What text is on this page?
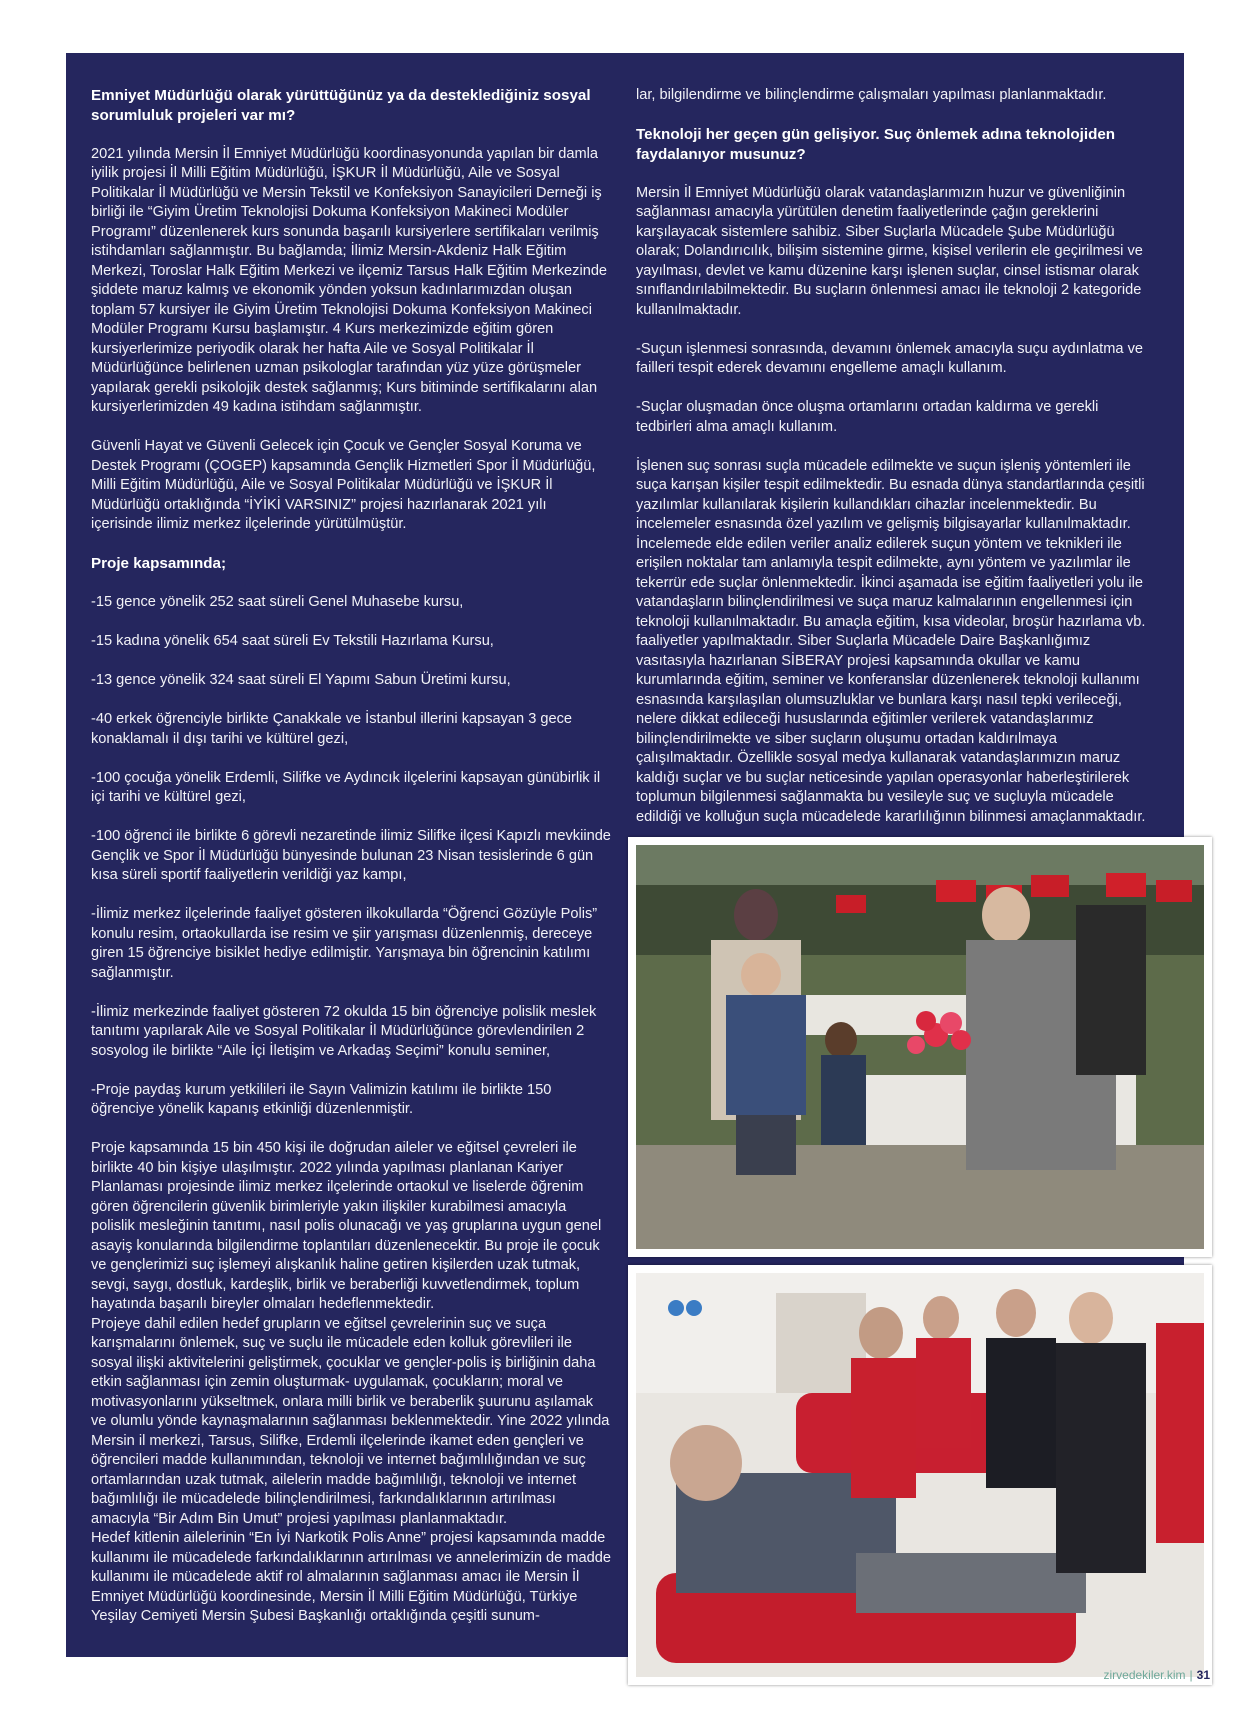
Emniyet Müdürlüğü olarak yürüttüğünüz ya da desteklediğiniz sosyal sorumluluk projeleri var mı?

2021 yılında Mersin İl Emniyet Müdürlüğü koordinasyonunda yapılan bir damla iyilik projesi İl Milli Eğitim Müdürlüğü, İŞKUR İl Müdürlüğü, Aile ve Sosyal Politikalar İl Müdürlüğü ve Mersin Tekstil ve Konfeksiyon Sanayicileri Derneği iş birliği ile “Giyim Üretim Teknolojisi Dokuma Konfeksiyon Makineci Modüler Programı” düzenlenerek kurs sonunda başarılı kursiyerlere sertifikaları verilmiş istihdamları sağlanmıştır. Bu bağlamda; İlimiz Mersin-Akdeniz Halk Eğitim Merkezi, Toroslar Halk Eğitim Merkezi ve ilçemiz Tarsus Halk Eğitim Merkezinde şiddete maruz kalmış ve ekonomik yönden yoksun kadınlarımızdan oluşan toplam 57 kursiyer ile Giyim Üretim Teknolojisi Dokuma Konfeksiyon Makineci Modüler Programı Kursu başlamıştır. 4 Kurs merkezimizde eğitim gören kursiyerlerimize periyodik olarak her hafta Aile ve Sosyal Politikalar İl Müdürlüğünce belirlenen uzman psikologlar tarafından yüz yüze görüşmeler yapılarak gerekli psikolojik destek sağlanmış; Kurs bitiminde sertifikalarını alan kursiyerlerimizden 49 kadına istihdam sağlanmıştır.

Güvenli Hayat ve Güvenli Gelecek için Çocuk ve Gençler Sosyal Koruma ve Destek Programı (ÇOGEP) kapsamında Gençlik Hizmetleri Spor İl Müdürlüğü, Milli Eğitim Müdürlüğü, Aile ve Sosyal Politikalar Müdürlüğü ve İŞKUR İl Müdürlüğü ortaklığında “İYİKİ VARSINIZ” projesi hazırlanarak 2021 yılı içerisinde ilimiz merkez ilçelerinde yürütülmüştür.

Proje kapsamında;

-15 gence yönelik 252 saat süreli Genel Muhasebe kursu,

-15 kadına yönelik 654 saat süreli Ev Tekstili Hazırlama Kursu,

-13 gence yönelik 324 saat süreli El Yapımı Sabun Üretimi kursu,

-40 erkek öğrenciyle birlikte Çanakkale ve İstanbul illerini kapsayan 3 gece konaklamalı il dışı tarihi ve kültürel gezi,

-100 çocuğa yönelik Erdemli, Silifke ve Aydıncık ilçelerini kapsayan günübirlik il içi tarihi ve kültürel gezi,

-100 öğrenci ile birlikte 6 görevli nezaretinde ilimiz Silifke ilçesi Kapızlı mevkiinde Gençlik ve Spor İl Müdürlüğü bünyesinde bulunan 23 Nisan tesislerinde 6 gün kısa süreli sportif faaliyetlerin verildiği yaz kampı,

-İlimiz merkez ilçelerinde faaliyet gösteren ilkokullarda “Öğrenci Gözüyle Polis” konulu resim, ortaokullarda ise resim ve şiir yarışması düzenlenmiş, dereceye giren 15 öğrenciye bisiklet hediye edilmiştir. Yarışmaya bin öğrencinin katılımı sağlanmıştır.

-İlimiz merkezinde faaliyet gösteren 72 okulda 15 bin öğrenciye polislik meslek tanıtımı yapılarak Aile ve Sosyal Politikalar İl Müdürlüğünce görevlendirilen 2 sosyolog ile birlikte “Aile İçi İletişim ve Arkadaş Seçimi” konulu seminer,

-Proje paydaş kurum yetkilileri ile Sayın Valimizin katılımı ile birlikte 150 öğrenciye yönelik kapanış etkinliği düzenlenmiştir.

Proje kapsamında 15 bin 450 kişi ile doğrudan aileler ve eğitsel çevreleri ile birlikte 40 bin kişiye ulaşılmıştır. 2022 yılında yapılması planlanan Kariyer Planlaması projesinde ilimiz merkez ilçelerinde ortaokul ve liselerde öğrenim gören öğrencilerin güvenlik birimleriyle yakın ilişkiler kurabilmesi amacıyla polislik mesleğinin tanıtımı, nasıl polis olunacağı ve yaş gruplarına uygun genel asayiş konularında bilgilendirme toplantıları düzenlenecektir. Bu proje ile çocuk ve gençlerimizi suç işlemeyi alışkanlık haline getiren kişilerden uzak tutmak, sevgi, saygı, dostluk, kardeşlik, birlik ve beraberliği kuvvetlendirmek, toplum hayatında başarılı bireyler olmaları hedeflenmektedir.

Projeye dahil edilen hedef grupların ve eğitsel çevrelerinin suç ve suça karışmalarını önlemek, suç ve suçlu ile mücadele eden kolluk görevlileri ile sosyal ilişki aktivitelerini geliştirmek, çocuklar ve gençler-polis iş birliğinin daha etkin sağlanması için zemin oluşturmak- uygulamak, çocukların; moral ve motivasyonlarını yükseltmek, onlara milli birlik ve beraberlik şuurunu aşılamak ve olumlu yönde kaynaşmalarının sağlanması beklenmektedir. Yine 2022 yılında Mersin il merkezi, Tarsus, Silifke, Erdemli ilçelerinde ikamet eden gençleri ve öğrencileri madde kullanımından, teknoloji ve internet bağımlılığından ve suç ortamlarından uzak tutmak, ailelerin madde bağımlılığı, teknoloji ve internet bağımlılığı ile mücadelede bilinçlendirilmesi, farkındalıklarının artırılması amacıyla “Bir Adım Bin Umut” projesi yapılması planlanmaktadır.

Hedef kitlenin ailelerinin “En İyi Narkotik Polis Anne” projesi kapsamında madde kullanımı ile mücadelede farkındalıklarının artırılması ve annelerimizin de madde kullanımı ile mücadelede aktif rol almalarının sağlanması amacı ile Mersin İl Emniyet Müdürlüğü koordinesinde, Mersin İl Milli Eğitim Müdürlüğü, Türkiye Yeşilay Cemiyeti Mersin Şubesi Başkanlığı ortaklığında çeşitli sunum-

lar, bilgilendirme ve bilinçlendirme çalışmaları yapılması planlanmaktadır.

Teknoloji her geçen gün gelişiyor. Suç önlemek adına teknolojiden faydalanıyor musunuz?

Mersin İl Emniyet Müdürlüğü olarak vatandaşlarımızın huzur ve güvenliğinin sağlanması amacıyla yürütülen denetim faaliyetlerinde çağın gereklerini karşılayacak sistemlere sahibiz. Siber Suçlarla Mücadele Şube Müdürlüğü olarak; Dolandırıcılık, bilişim sistemine girme, kişisel verilerin ele geçirilmesi ve yayılması, devlet ve kamu düzenine karşı işlenen suçlar, cinsel istismar olarak sınıflandırılabilmektedir. Bu suçların önlenmesi amacı ile teknoloji 2 kategoride kullanılmaktadır.

-Suçun işlenmesi sonrasında, devamını önlemek amacıyla suçu aydınlatma ve failleri tespit ederek devamını engelleme amaçlı kullanım.

-Suçlar oluşmadan önce oluşma ortamlarını ortadan kaldırma ve gerekli tedbirleri alma amaçlı kullanım.

İşlenen suç sonrası suçla mücadele edilmekte ve suçun işleniş yöntemleri ile suça karışan kişiler tespit edilmektedir. Bu esnada dünya standartlarında çeşitli yazılımlar kullanılarak kişilerin kullandıkları cihazlar incelenmektedir. Bu incelemeler esnasında özel yazılım ve gelişmiş bilgisayarlar kullanılmaktadır. İncelemede elde edilen veriler analiz edilerek suçun yöntem ve teknikleri ile erişilen noktalar tam anlamıyla tespit edilmekte, aynı yöntem ve yazılımlar ile tekerrür ede suçlar önlenmektedir. İkinci aşamada ise eğitim faaliyetleri yolu ile vatandaşların bilinçlendirilmesi ve suça maruz kalmalarının engellenmesi için teknoloji kullanılmaktadır. Bu amaçla eğitim, kısa videolar, broşür hazırlama vb. faaliyetler yapılmaktadır. Siber Suçlarla Mücadele Daire Başkanlığımız vasıtasıyla hazırlanan SİBERAY projesi kapsamında okullar ve kamu kurumlarında eğitim, seminer ve konferanslar düzenlenerek teknoloji kullanımı esnasında karşılaşılan olumsuzluklar ve bunlara karşı nasıl tepki verileceği, nelere dikkat edileceği hususlarında eğitimler verilerek vatandaşlarımız bilinçlendirilmekte ve siber suçların oluşumu ortadan kaldırılmaya çalışılmaktadır. Özellikle sosyal medya kullanarak vatandaşlarımızın maruz kaldığı suçlar ve bu suçlar neticesinde yapılan operasyonlar haberleştirilerek toplumun bilgilenmesi sağlanmakta bu vesileyle suç ve suçluyla mücadele edildiği ve kolluğun suçla mücadelede kararlılığının bilinmesi amaçlanmaktadır.

zirvedekiler.kim | 31
